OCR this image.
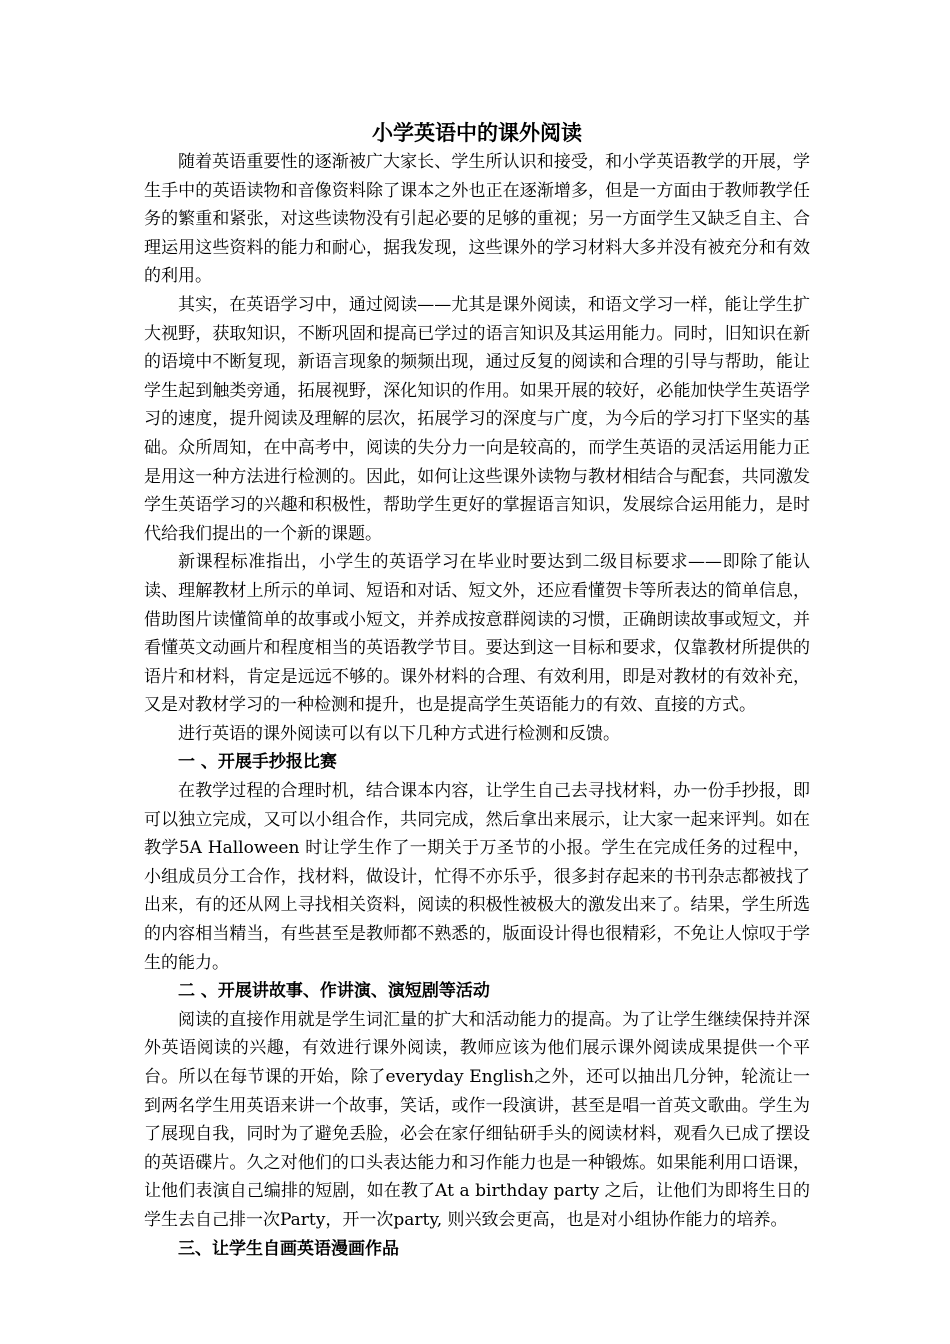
小学英语中的课外阅读

随着英语重要性的逐渐被广大家长、学生所认识和接受，和小学英语教学的开展，学生手中的英语读物和音像资料除了课本之外也正在逐渐增多，但是一方面由于教师教学任务的繁重和紧张，对这些读物没有引起必要的足够的重视；另一方面学生又缺乏自主、合理运用这些资料的能力和耐心，据我发现，这些课外的学习材料大多并没有被充分和有效的利用。

其实，在英语学习中，通过阅读——尤其是课外阅读，和语文学习一样，能让学生扩大视野，获取知识，不断巩固和提高已学过的语言知识及其运用能力。同时，旧知识在新的语境中不断复现，新语言现象的频频出现，通过反复的阅读和合理的引导与帮助，能让学生起到触类旁通，拓展视野，深化知识的作用。如果开展的较好，必能加快学生英语学习的速度，提升阅读及理解的层次，拓展学习的深度与广度，为今后的学习打下坚实的基础。众所周知，在中高考中，阅读的失分力一向是较高的，而学生英语的灵活运用能力正是用这一种方法进行检测的。因此，如何让这些课外读物与教材相结合与配套，共同激发学生英语学习的兴趣和积极性，帮助学生更好的掌握语言知识，发展综合运用能力，是时代给我们提出的一个新的课题。

新课程标准指出，小学生的英语学习在毕业时要达到二级目标要求——即除了能认读、理解教材上所示的单词、短语和对话、短文外，还应看懂贺卡等所表达的简单信息，借助图片读懂简单的故事或小短文，并养成按意群阅读的习惯，正确朗读故事或短文，并看懂英文动画片和程度相当的英语教学节目。要达到这一目标和要求，仅靠教材所提供的语片和材料，肯定是远远不够的。课外材料的合理、有效利用，即是对教材的有效补充，又是对教材学习的一种检测和提升，也是提高学生英语能力的有效、直接的方式。

进行英语的课外阅读可以有以下几种方式进行检测和反馈。

一 、开展手抄报比赛

在教学过程的合理时机，结合课本内容，让学生自己去寻找材料，办一份手抄报，即可以独立完成，又可以小组合作，共同完成，然后拿出来展示，让大家一起来评判。如在教学5A Halloween 时让学生作了一期关于万圣节的小报。学生在完成任务的过程中，小组成员分工合作，找材料，做设计，忙得不亦乐乎，很多封存起来的书刊杂志都被找了出来，有的还从网上寻找相关资料，阅读的积极性被极大的激发出来了。结果，学生所选的内容相当精当，有些甚至是教师都不熟悉的，版面设计得也很精彩，不免让人惊叹于学生的能力。

二 、开展讲故事、作讲演、演短剧等活动

阅读的直接作用就是学生词汇量的扩大和活动能力的提高。为了让学生继续保持并深外英语阅读的兴趣，有效进行课外阅读，教师应该为他们展示课外阅读成果提供一个平台。所以在每节课的开始，除了everyday English之外，还可以抽出几分钟，轮流让一到两名学生用英语来讲一个故事，笑话，或作一段演讲，甚至是唱一首英文歌曲。学生为了展现自我，同时为了避免丢脸，必会在家仔细钻研手头的阅读材料，观看久已成了摆设的英语碟片。久之对他们的口头表达能力和习作能力也是一种锻炼。如果能利用口语课，让他们表演自己编排的短剧，如在教了At a birthday party 之后，让他们为即将生日的学生去自己排一次Party，开一次party, 则兴致会更高，也是对小组协作能力的培养。

三、让学生自画英语漫画作品
